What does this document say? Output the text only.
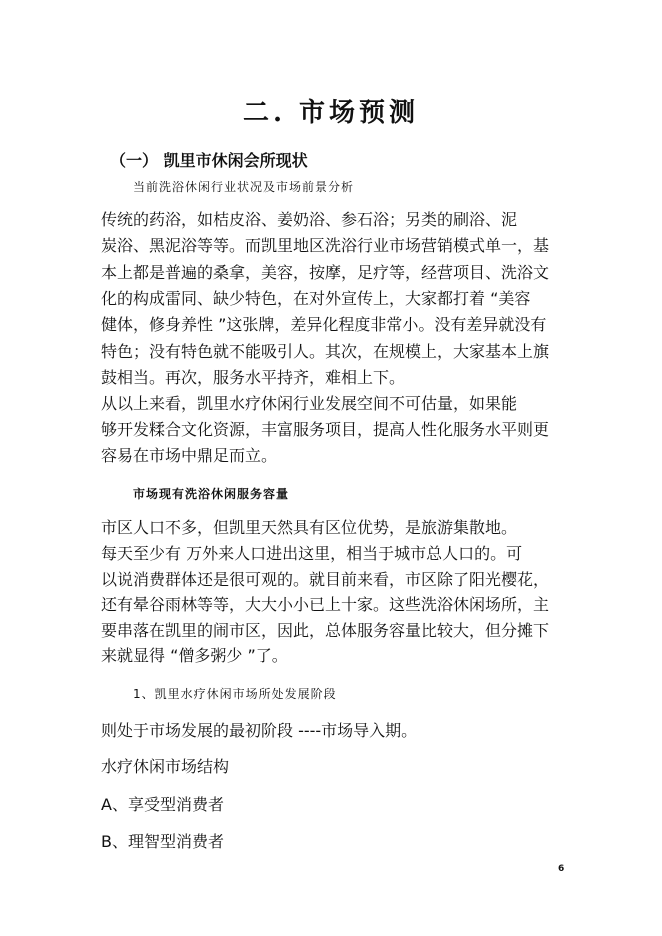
二. 市场预测
（一） 凯里市休闲会所现状
当前洗浴休闲行业状况及市场前景分析
传统的药浴，如桔皮浴、姜奶浴、参石浴；另类的刷浴、泥
炭浴、黑泥浴等等。而凯里地区洗浴行业市场营销模式单一，基
本上都是普遍的桑拿，美容，按摩，足疗等，经营项目、洗浴文
化的构成雷同、缺少特色，在对外宣传上，大家都打着 “美容
健体，修身养性 ”这张牌，差异化程度非常小。没有差异就没有
特色；没有特色就不能吸引人。其次，在规模上，大家基本上旗
鼓相当。再次，服务水平持齐，难相上下。
从以上来看，凯里水疗休闲行业发展空间不可估量，如果能
够开发糅合文化资源，丰富服务项目，提高人性化服务水平则更
容易在市场中鼎足而立。
市场现有洗浴休闲服务容量
市区人口不多，但凯里天然具有区位优势，是旅游集散地。
每天至少有 万外来人口进出这里，相当于城市总人口的。可
以说消费群体还是很可观的。就目前来看，市区除了阳光樱花，
还有晕谷雨林等等，大大小小已上十家。这些洗浴休闲场所，主
要串落在凯里的闹市区，因此，总体服务容量比较大，但分摊下
来就显得 “僧多粥少 ”了。
1、凯里水疗休闲市场所处发展阶段
则处于市场发展的最初阶段 ----市场导入期。
水疗休闲市场结构
A、享受型消费者
B、理智型消费者
6
